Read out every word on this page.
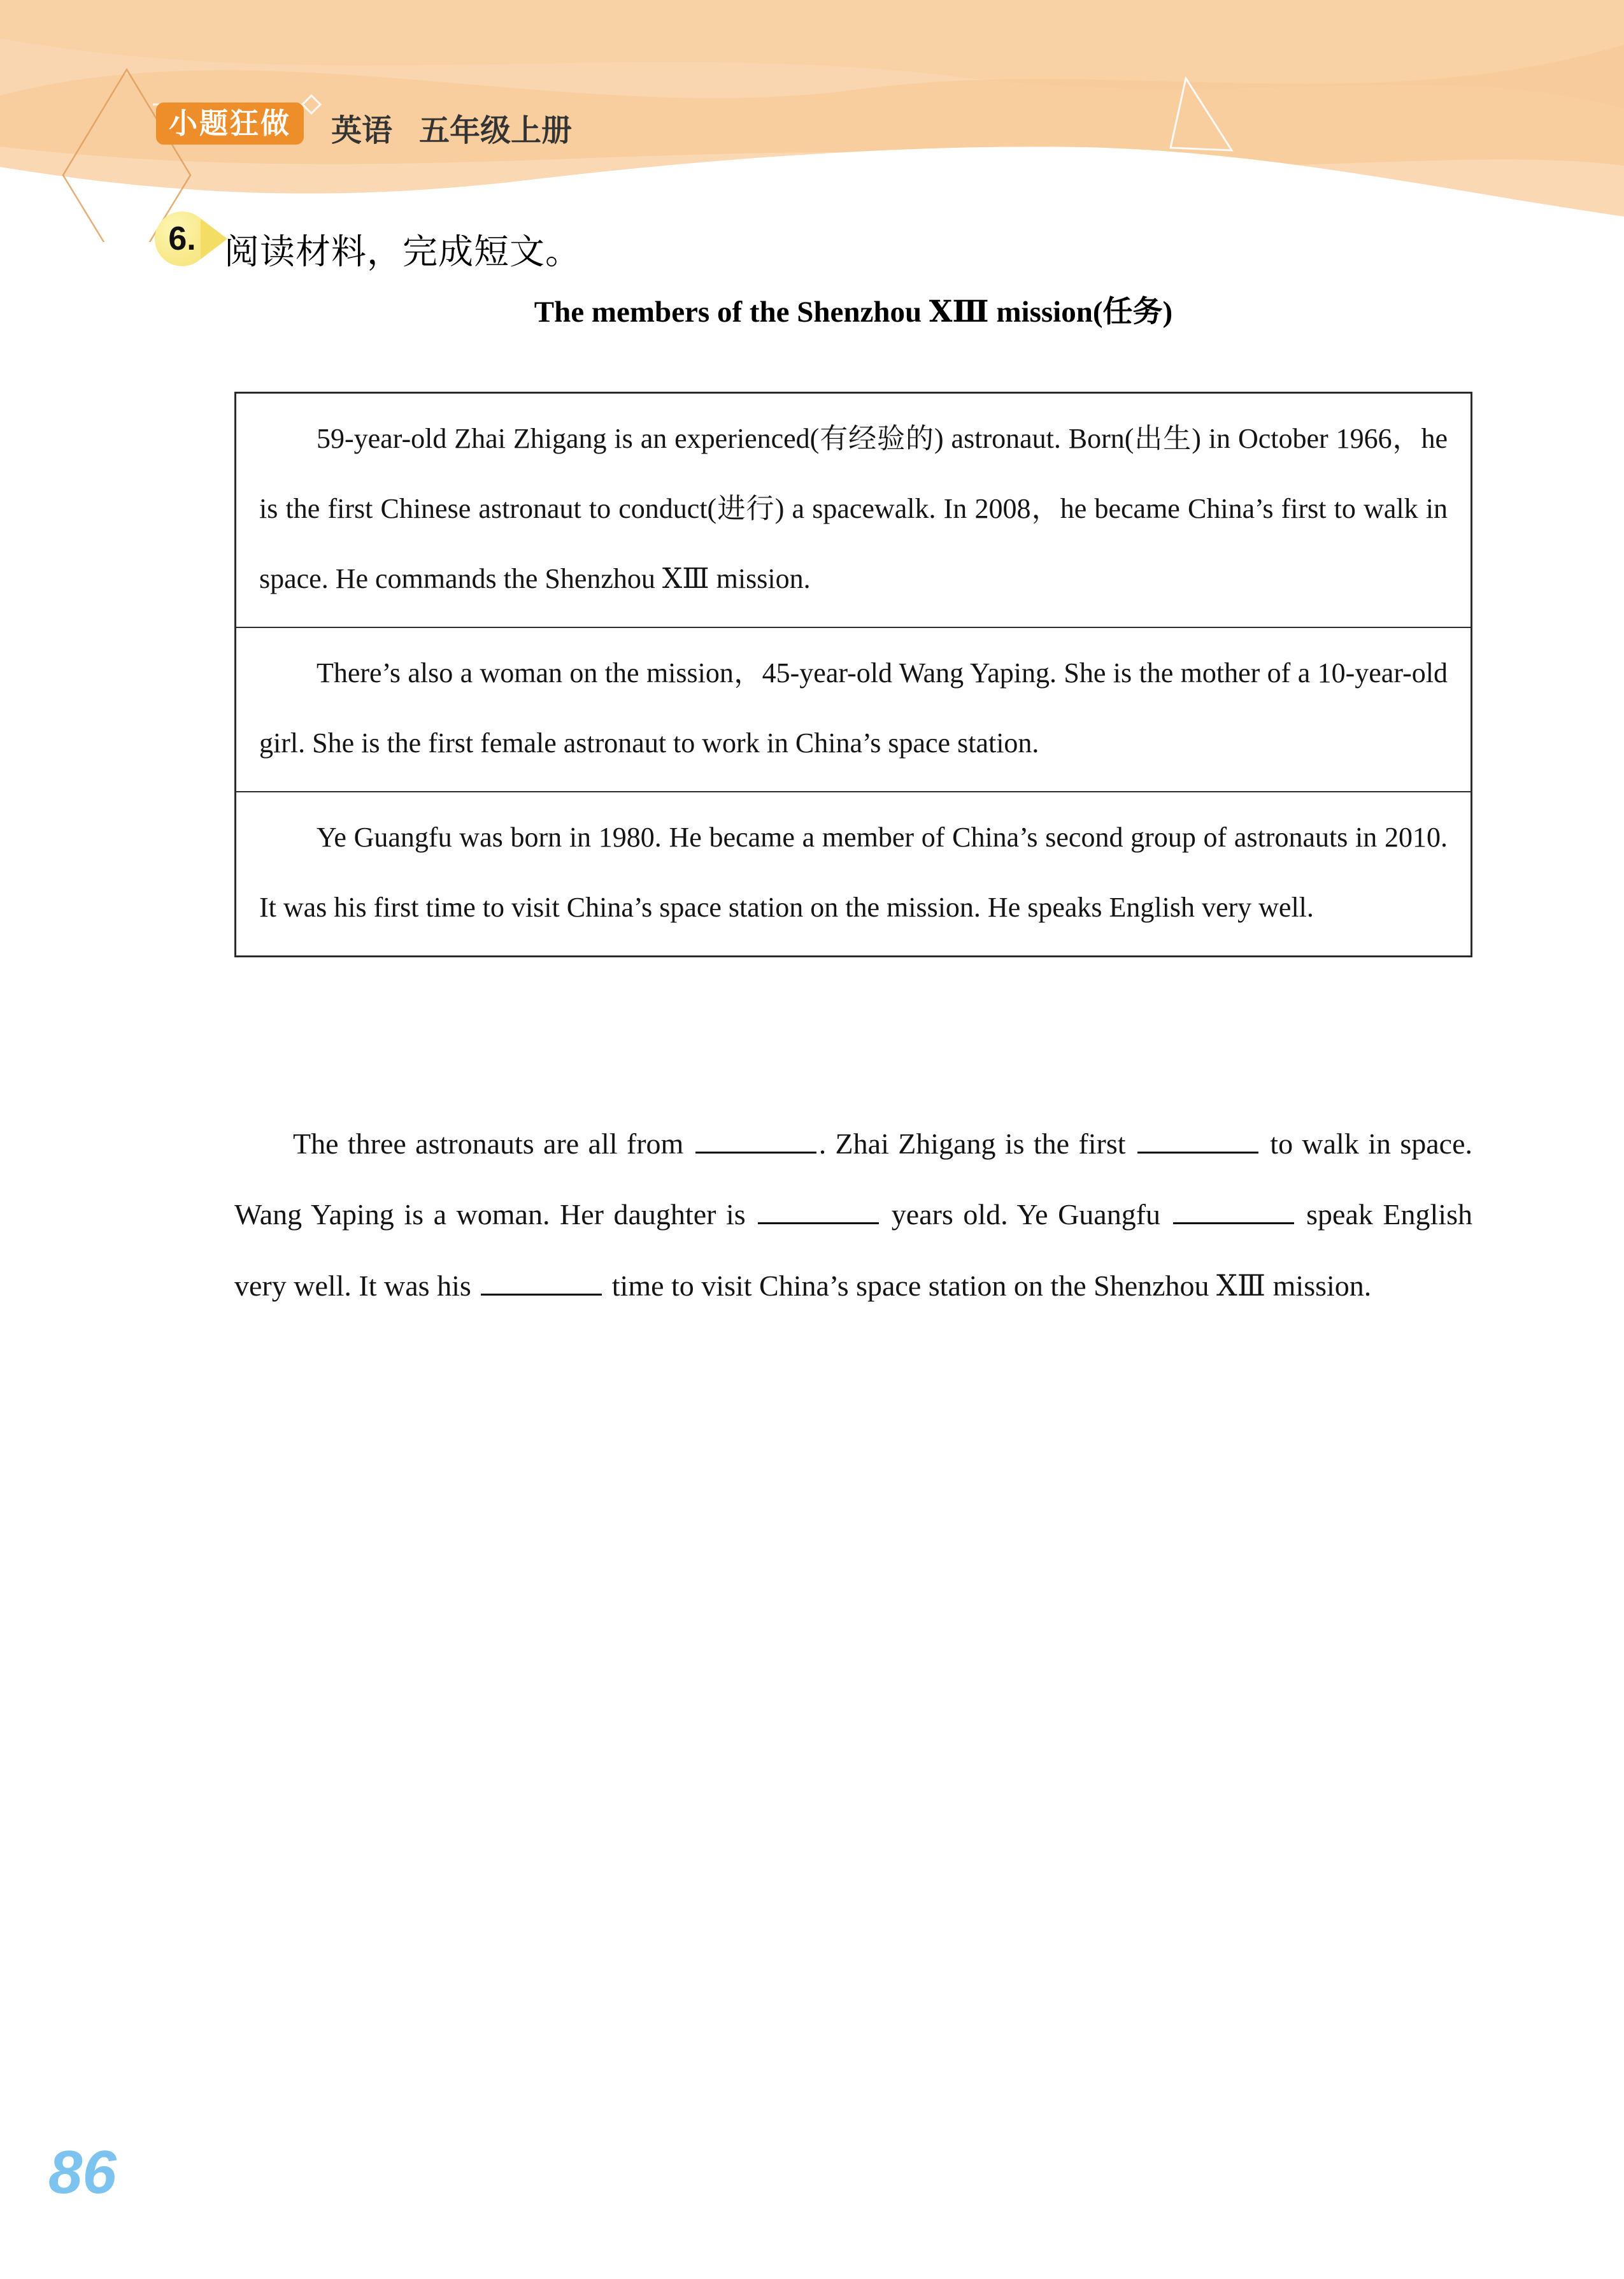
小题狂做	英语 五年级上册
6. 阅读材料，完成短文。
The members of the Shenzhou ⅩⅢ mission(任务)

59-year-old Zhai Zhigang is an experienced(有经验的) astronaut. Born(出生) in October 1966，he is the first Chinese astronaut to conduct(进行) a spacewalk. In 2008，he became China’s first to walk in space. He commands the Shenzhou ⅩⅢ mission.

There’s also a woman on the mission，45-year-old Wang Yaping. She is the mother of a 10-year-old girl. She is the first female astronaut to work in China’s space station.

Ye Guangfu was born in 1980. He became a member of China’s second group of astronauts in 2010. It was his first time to visit China’s space station on the mission. He speaks English very well.

The three astronauts are all from	. Zhai Zhigang is the first	to walk in space. Wang Yaping is a woman. Her daughter is	years old. Ye Guangfu	speak English very well. It was his	time to visit China’s space station on the Shenzhou ⅩⅢ mission.

86
